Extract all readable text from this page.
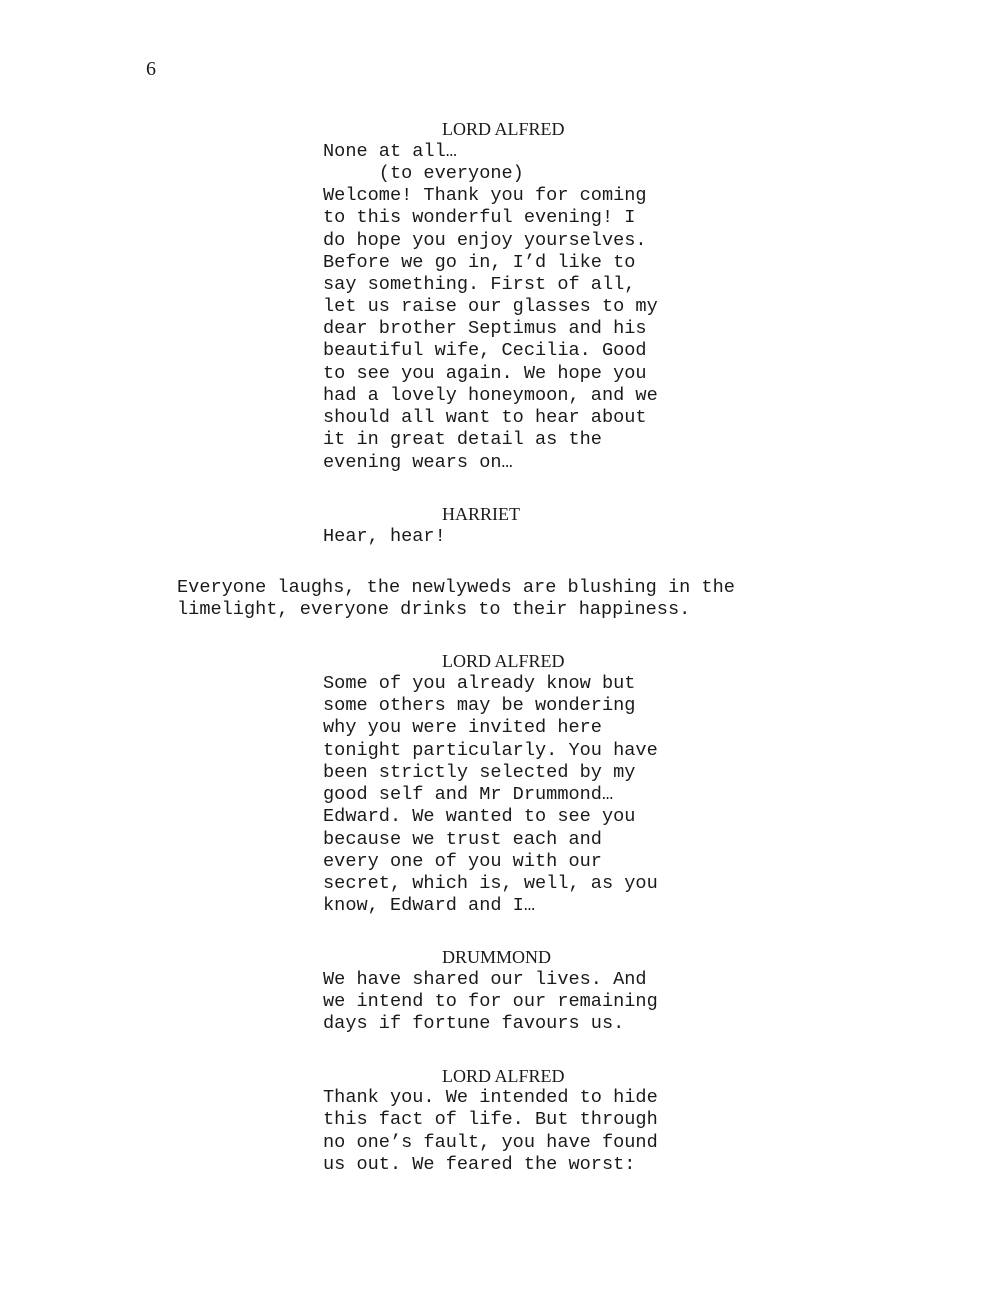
6
LORD ALFRED
None at all…
(to everyone)
Welcome! Thank you for coming
to this wonderful evening! I
do hope you enjoy yourselves.
Before we go in, I’d like to
say something. First of all,
let us raise our glasses to my
dear brother Septimus and his
beautiful wife, Cecilia. Good
to see you again. We hope you
had a lovely honeymoon, and we
should all want to hear about
it in great detail as the
evening wears on…
HARRIET
Hear, hear!
Everyone laughs, the newlyweds are blushing in the
limelight, everyone drinks to their happiness.
LORD ALFRED
Some of you already know but
some others may be wondering
why you were invited here
tonight particularly. You have
been strictly selected by my
good self and Mr Drummond…
Edward. We wanted to see you
because we trust each and
every one of you with our
secret, which is, well, as you
know, Edward and I…
DRUMMOND
We have shared our lives. And
we intend to for our remaining
days if fortune favours us.
LORD ALFRED
Thank you. We intended to hide
this fact of life. But through
no one’s fault, you have found
us out. We feared the worst:
